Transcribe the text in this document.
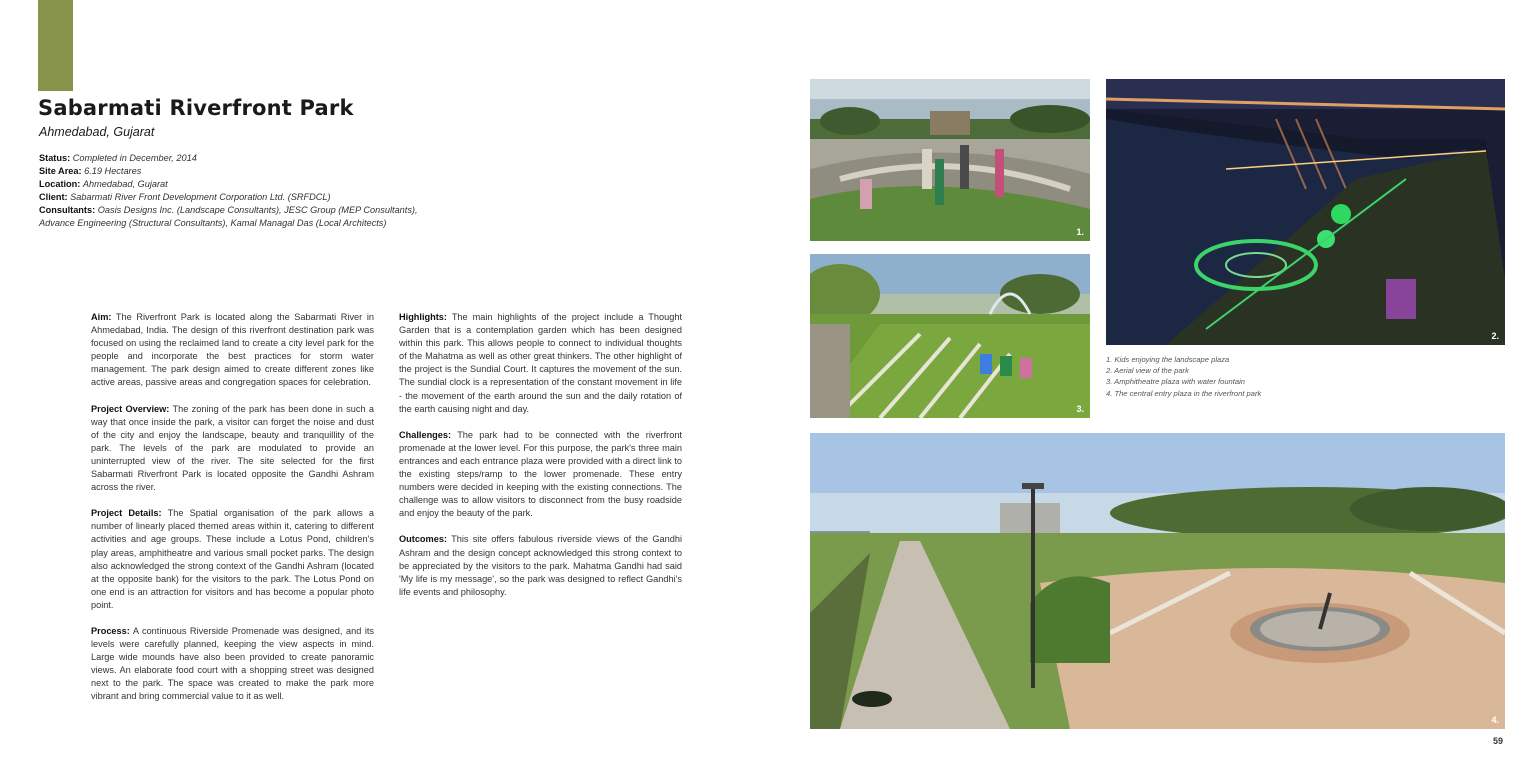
Sabarmati Riverfront Park
Ahmedabad, Gujarat
Status: Completed in December, 2014
Site Area: 6.19 Hectares
Location: Ahmedabad, Gujarat
Client: Sabarmati River Front Development Corporation Ltd. (SRFDCL)
Consultants: Oasis Designs Inc. (Landscape Consultants), JESC Group (MEP Consultants),
Advance Engineering (Structural Consultants), Kamal Managal Das (Local Architects)

Aim: The Riverfront Park is located along the Sabarmati River in Ahmedabad, India. The design of this riverfront destination park was focused on using the reclaimed land to create a city level park for the people and incorporate the best practices for storm water management. The park design aimed to create different zones like active areas, passive areas and congregation spaces for celebration.

Project Overview: The zoning of the park has been done in such a way that once inside the park, a visitor can forget the noise and dust of the city and enjoy the landscape, beauty and tranquillity of the park. The levels of the park are modulated to provide an uninterrupted view of the river. The site selected for the first Sabarmati Riverfront Park is located opposite the Gandhi Ashram across the river.

Project Details: The Spatial organisation of the park allows a number of linearly placed themed areas within it, catering to different activities and age groups. These include a Lotus Pond, children's play areas, amphitheatre and various small pocket parks. The design also acknowledged the strong context of the Gandhi Ashram (located at the opposite bank) for the visitors to the park. The Lotus Pond on one end is an attraction for visitors and has become a popular photo point.

Process: A continuous Riverside Promenade was designed, and its levels were carefully planned, keeping the view aspects in mind. Large wide mounds have also been provided to create panoramic views. An elaborate food court with a shopping street was designed next to the park. The space was created to make the park more vibrant and bring commercial value to it as well.

Highlights: The main highlights of the project include a Thought Garden that is a contemplation garden which has been designed within this park. This allows people to connect to individual thoughts of the Mahatma as well as other great thinkers. The other highlight of the project is the Sundial Court. It captures the movement of the sun. The sundial clock is a representation of the constant movement in life - the movement of the earth around the sun and the daily rotation of the earth causing night and day.

Challenges: The park had to be connected with the riverfront promenade at the lower level. For this purpose, the park's three main entrances and each entrance plaza were provided with a direct link to the existing steps/ramp to the lower promenade. These entry numbers were decided in keeping with the existing connections. The challenge was to allow visitors to disconnect from the busy roadside and enjoy the beauty of the park.

Outcomes: This site offers fabulous riverside views of the Gandhi Ashram and the design concept acknowledged this strong context to be appreciated by the visitors to the park. Mahatma Gandhi had said 'My life is my message', so the park was designed to reflect Gandhi's life events and philosophy.

1.
2.
3.
4.
1. Kids enjoying the landscape plaza
2. Aerial view of the park
3. Amphitheatre plaza with water fountain
4. The central entry plaza in the riverfront park
59
